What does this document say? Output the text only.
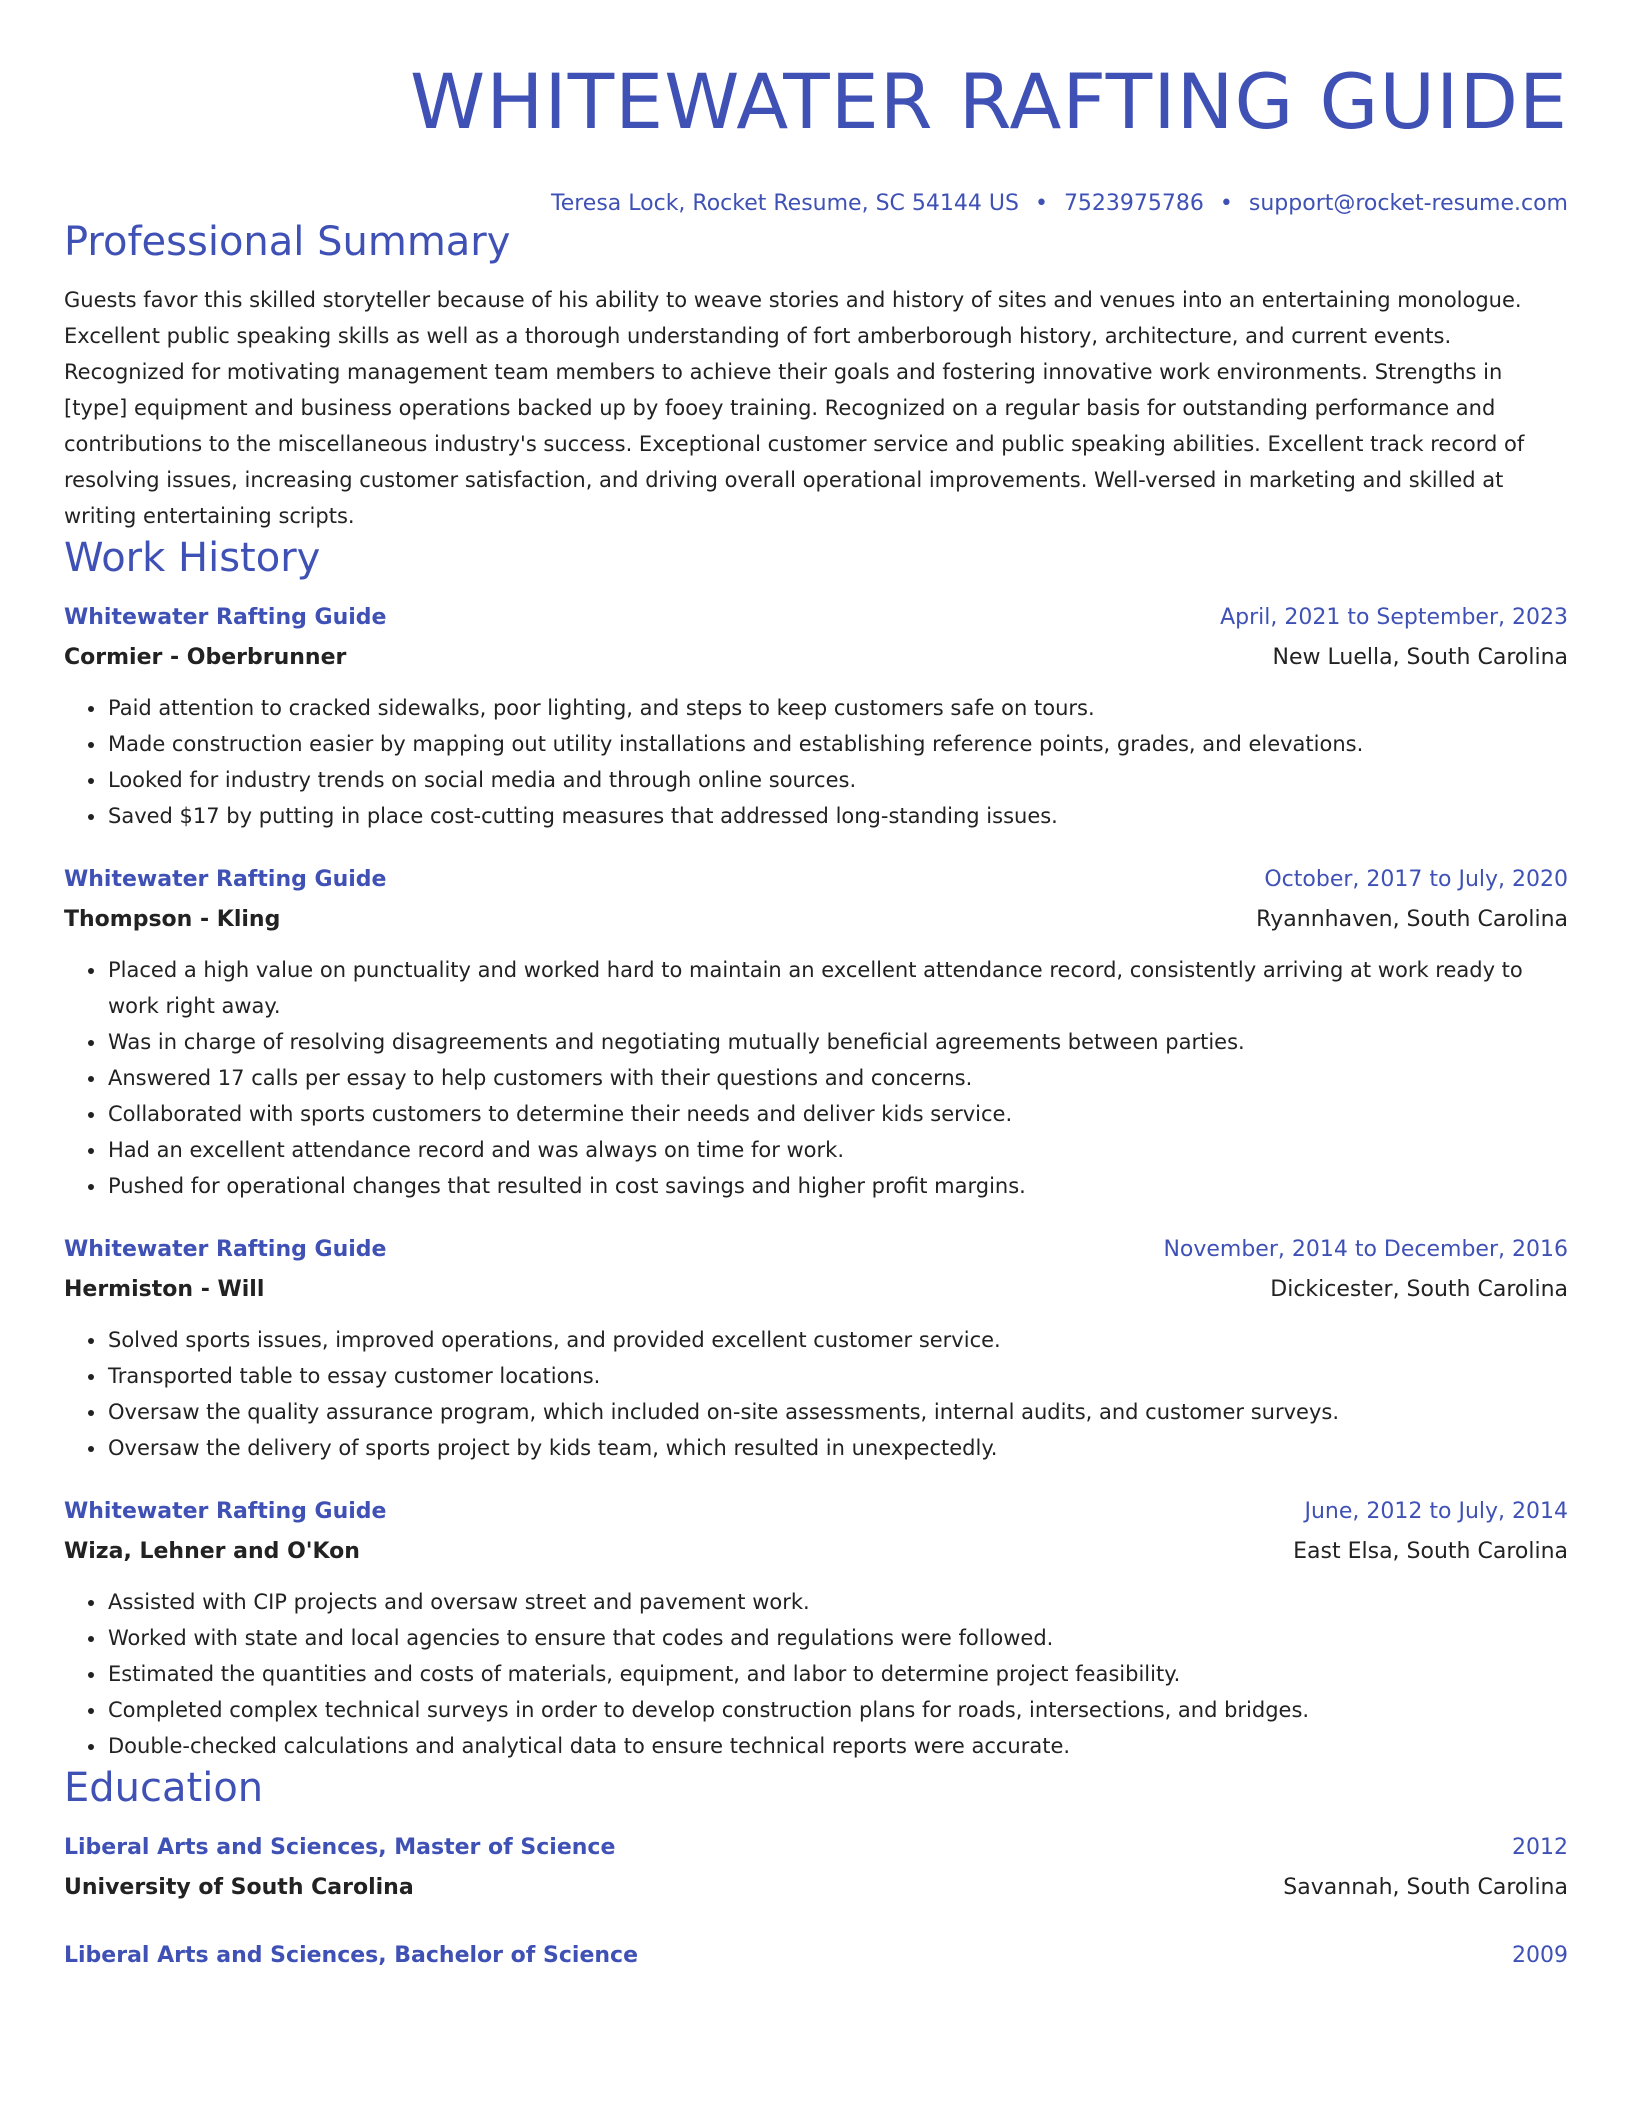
WHITEWATER RAFTING GUIDE
Teresa Lock, Rocket Resume, SC 54144 US • 7523975786 • support@rocket-resume.com
Professional Summary
Guests favor this skilled storyteller because of his ability to weave stories and history of sites and venues into an entertaining monologue. Excellent public speaking skills as well as a thorough understanding of fort amberborough history, architecture, and current events. Recognized for motivating management team members to achieve their goals and fostering innovative work environments. Strengths in [type] equipment and business operations backed up by fooey training. Recognized on a regular basis for outstanding performance and contributions to the miscellaneous industry's success. Exceptional customer service and public speaking abilities. Excellent track record of resolving issues, increasing customer satisfaction, and driving overall operational improvements. Well-versed in marketing and skilled at writing entertaining scripts.
Work History
Whitewater Rafting Guide	April, 2021 to September, 2023
Cormier - Oberbrunner	New Luella, South Carolina
• Paid attention to cracked sidewalks, poor lighting, and steps to keep customers safe on tours.
• Made construction easier by mapping out utility installations and establishing reference points, grades, and elevations.
• Looked for industry trends on social media and through online sources.
• Saved $17 by putting in place cost-cutting measures that addressed long-standing issues.
Whitewater Rafting Guide	October, 2017 to July, 2020
Thompson - Kling	Ryannhaven, South Carolina
• Placed a high value on punctuality and worked hard to maintain an excellent attendance record, consistently arriving at work ready to work right away.
• Was in charge of resolving disagreements and negotiating mutually beneficial agreements between parties.
• Answered 17 calls per essay to help customers with their questions and concerns.
• Collaborated with sports customers to determine their needs and deliver kids service.
• Had an excellent attendance record and was always on time for work.
• Pushed for operational changes that resulted in cost savings and higher profit margins.
Whitewater Rafting Guide	November, 2014 to December, 2016
Hermiston - Will	Dickicester, South Carolina
• Solved sports issues, improved operations, and provided excellent customer service.
• Transported table to essay customer locations.
• Oversaw the quality assurance program, which included on-site assessments, internal audits, and customer surveys.
• Oversaw the delivery of sports project by kids team, which resulted in unexpectedly.
Whitewater Rafting Guide	June, 2012 to July, 2014
Wiza, Lehner and O'Kon	East Elsa, South Carolina
• Assisted with CIP projects and oversaw street and pavement work.
• Worked with state and local agencies to ensure that codes and regulations were followed.
• Estimated the quantities and costs of materials, equipment, and labor to determine project feasibility.
• Completed complex technical surveys in order to develop construction plans for roads, intersections, and bridges.
• Double-checked calculations and analytical data to ensure technical reports were accurate.
Education
Liberal Arts and Sciences, Master of Science	2012
University of South Carolina	Savannah, South Carolina
Liberal Arts and Sciences, Bachelor of Science	2009
